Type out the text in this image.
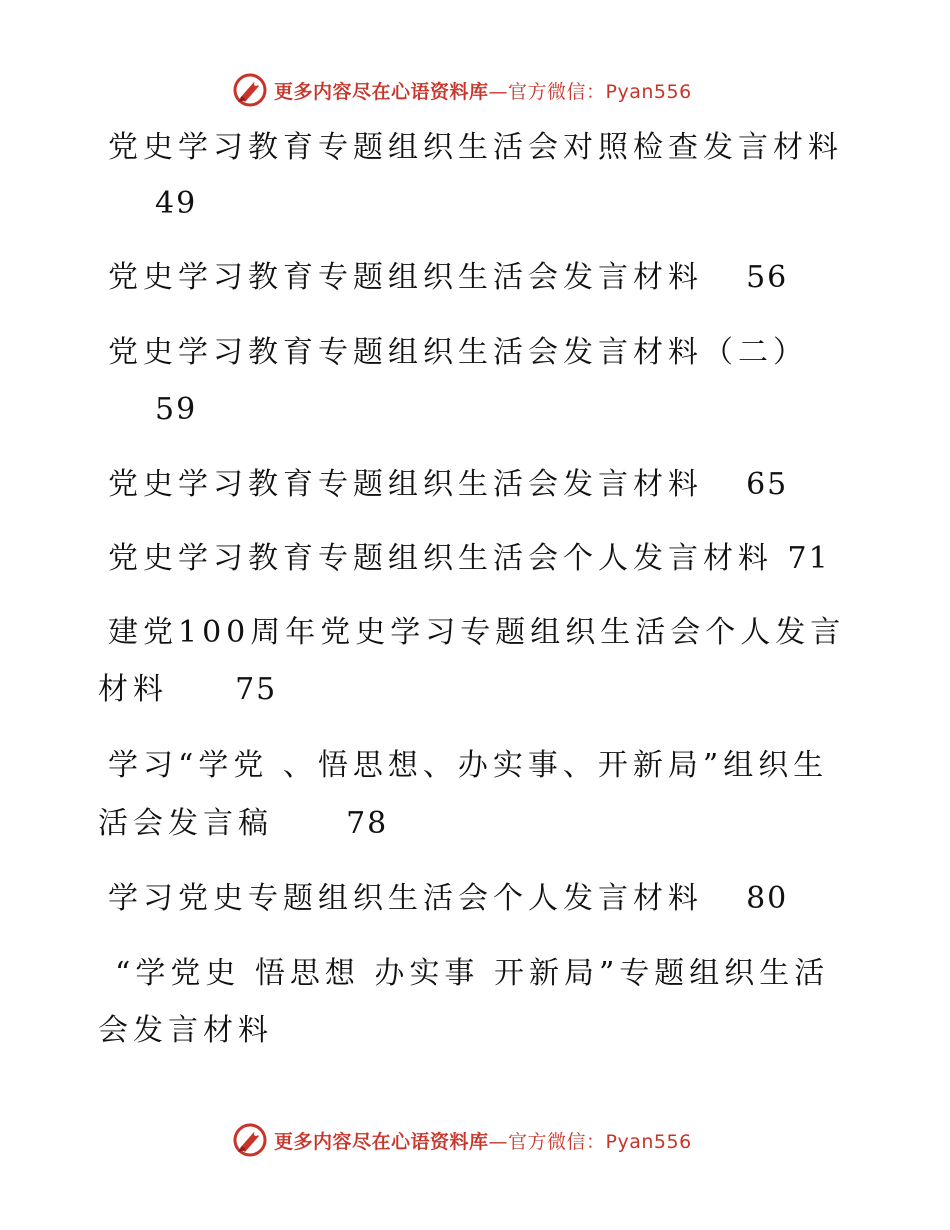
更多内容尽在心语资料库—官方微信：Pyan556
党史学习教育专题组织生活会对照检查发言材料
49
党史学习教育专题组织生活会发言材料 56
党史学习教育专题组织生活会发言材料（二）
59
党史学习教育专题组织生活会发言材料 65
党史学习教育专题组织生活会个人发言材料 71
建党100周年党史学习专题组织生活会个人发言
材料 75
学习“学党 、悟思想、办实事、开新局”组织生
活会发言稿 78
学习党史专题组织生活会个人发言材料 80
“学党史 悟思想 办实事 开新局”专题组织生活
会发言材料
更多内容尽在心语资料库—官方微信：Pyan556
